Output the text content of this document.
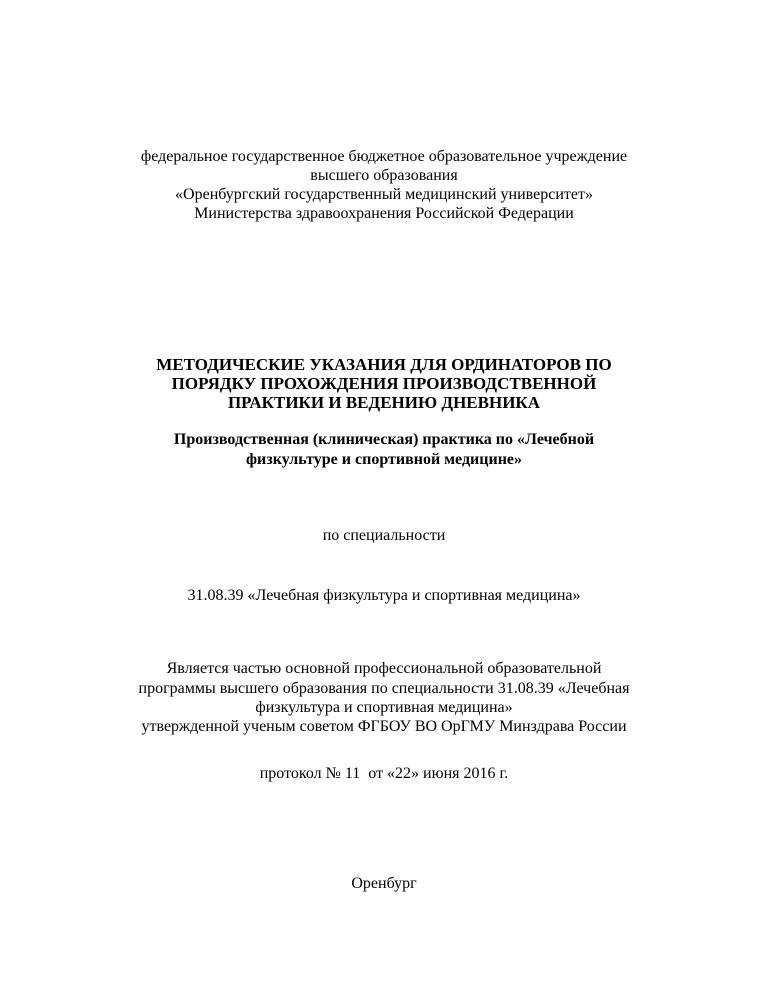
федеральное государственное бюджетное образовательное учреждение
высшего образования
«Оренбургский государственный медицинский университет»
Министерства здравоохранения Российской Федерации
МЕТОДИЧЕСКИЕ УКАЗАНИЯ ДЛЯ ОРДИНАТОРОВ ПО
ПОРЯДКУ ПРОХОЖДЕНИЯ ПРОИЗВОДСТВЕННОЙ
ПРАКТИКИ И ВЕДЕНИЮ ДНЕВНИКА
Производственная (клиническая) практика по «Лечебной
физкультуре и спортивной медицине»
по специальности
31.08.39 «Лечебная физкультура и спортивная медицина»
Является частью основной профессиональной образовательной
программы высшего образования по специальности 31.08.39 «Лечебная
физкультура и спортивная медицина»
утвержденной ученым советом ФГБОУ ВО ОрГМУ Минздрава России
протокол № 11  от «22» июня 2016 г.
Оренбург
